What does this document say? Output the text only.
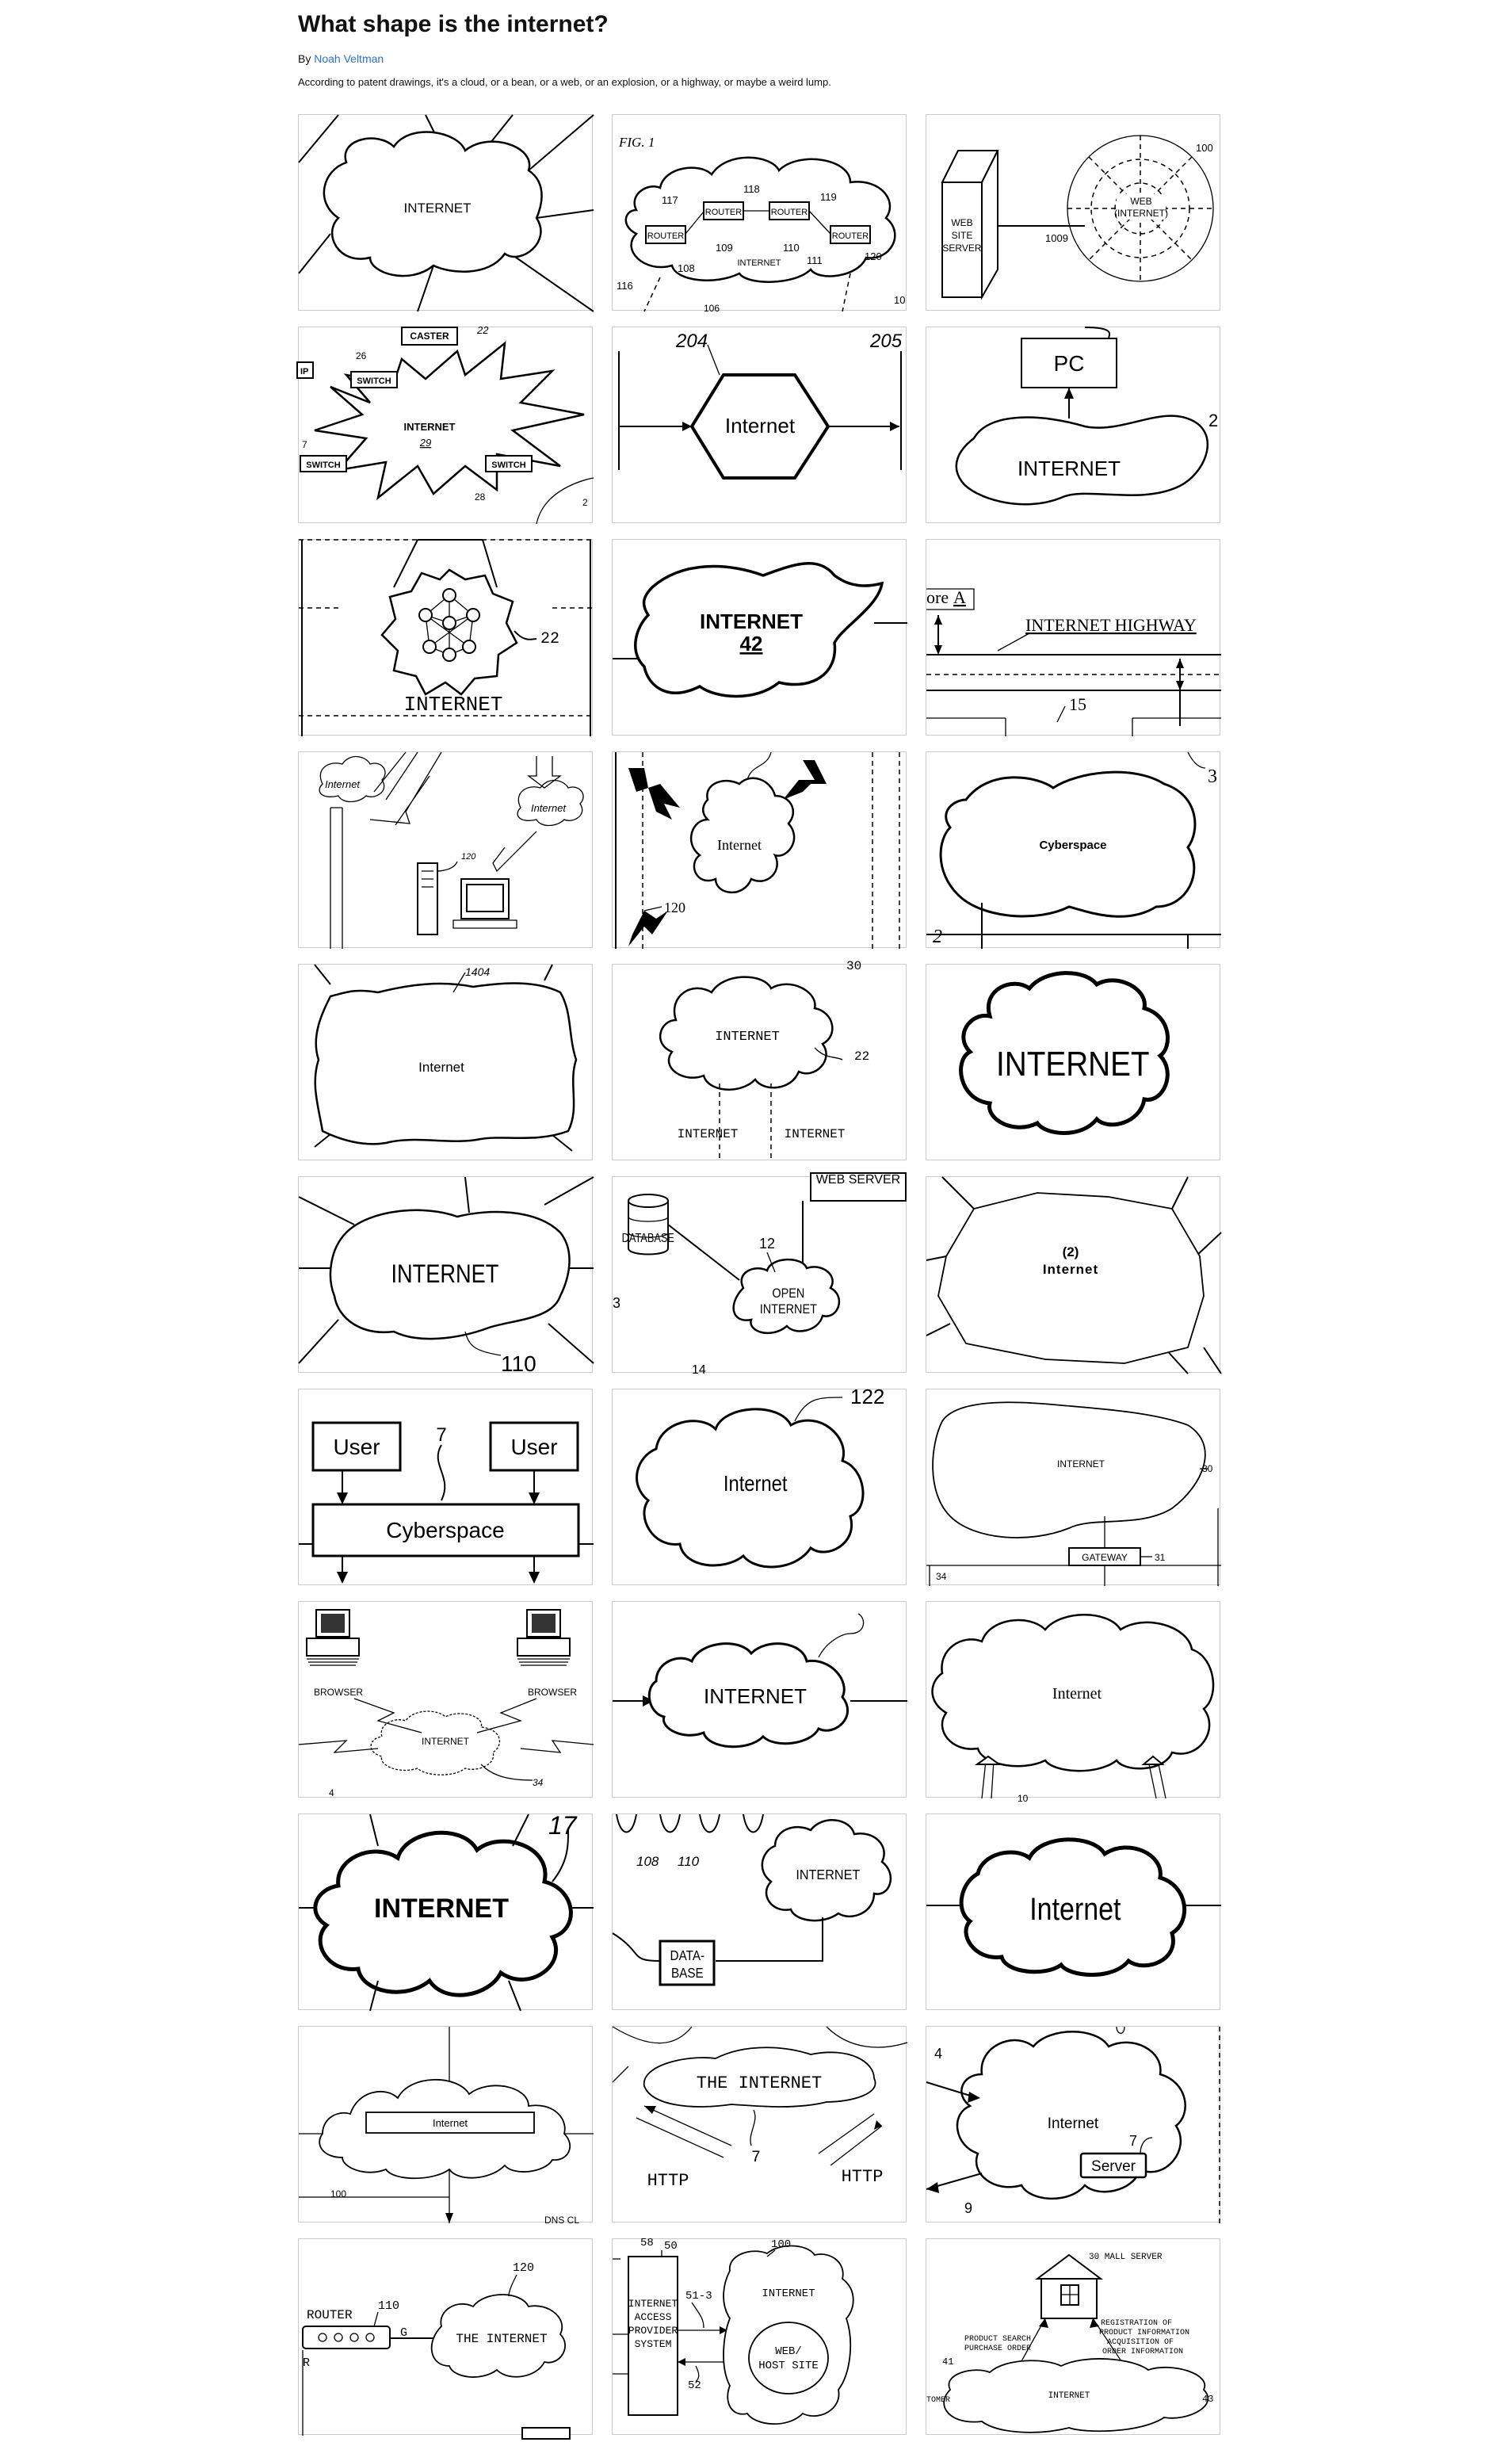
What shape is the internet?
By Noah Veltman
According to patent drawings, it's a cloud, or a bean, or a web, or an explosion, or a highway, or maybe a weird lump.
INTERNET
FIG. 1
ROUTER
ROUTER	ROUTER
ROUTER
INTERNET
117
118
119
109	110
108
111	120
116
106
10
WEB SITE SERVER
1009
WEB
(INTERNET)
100
INTERNET
29
CASTER	22
SWITCH
26
SWITCH	SWITCH
IP
7
28	2
Internet
204	205
PC
INTERNET
2
22
INTERNET
INTERNET
42
ore A
INTERNET HIGHWAY
15
Internet
Internet
120
Internet
120
Cyberspace
2
3
Internet
1404	30
INTERNET
22
INTERNET	INTERNET
INTERNET
INTERNET
110
DATABASE
WEB SERVER
OPEN
INTERNET
12
3
14
(2)
Internet
User	User
7
Cyberspace
Internet
122
INTERNET	30
GATEWAY	31
34
BROWSER	BROWSER
INTERNET
34
4
INTERNET	Internet
10
INTERNET
17
108 110
INTERNET
DATA-
BASE
Internet
Internet
100
DNS CL
THE INTERNET
7
HTTP	HTTP
Internet
Server
7
4
9
ROUTER
110
G
R
THE INTERNET
120
58
INTERNET ACCESS PROVIDER SYSTEM
50
51-3
52
INTERNET
WEB/
HOST SITE
100
30 MALL SERVER
PRODUCT SEARCH PURCHASE ORDER
REGISTRATION OF PRODUCT INFORMATION ACQUISITION OF ORDER INFORMATION
INTERNET
41
43
TOMER
